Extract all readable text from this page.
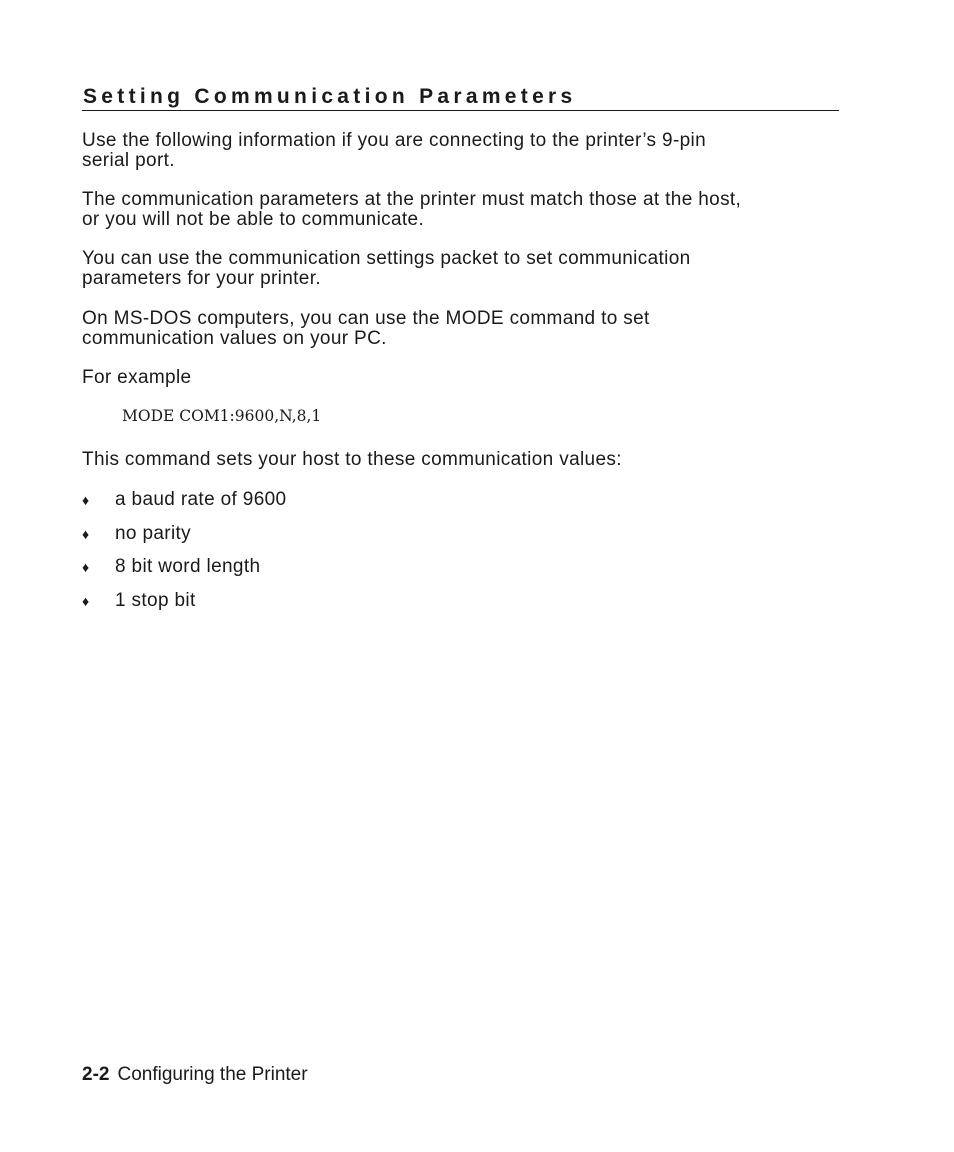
Setting Communication Parameters

Use the following information if you are connecting to the printer’s 9-pin
serial port.

The communication parameters at the printer must match those at the host,
or you will not be able to communicate.

You can use the communication settings packet to set communication
parameters for your printer.

On MS-DOS computers, you can use the MODE command to set
communication values on your PC.

For example

MODE COM1:9600,N,8,1

This command sets your host to these communication values:

♦ a baud rate of 9600
♦ no parity
♦ 8 bit word length
♦ 1 stop bit
2-2 Configuring the Printer
